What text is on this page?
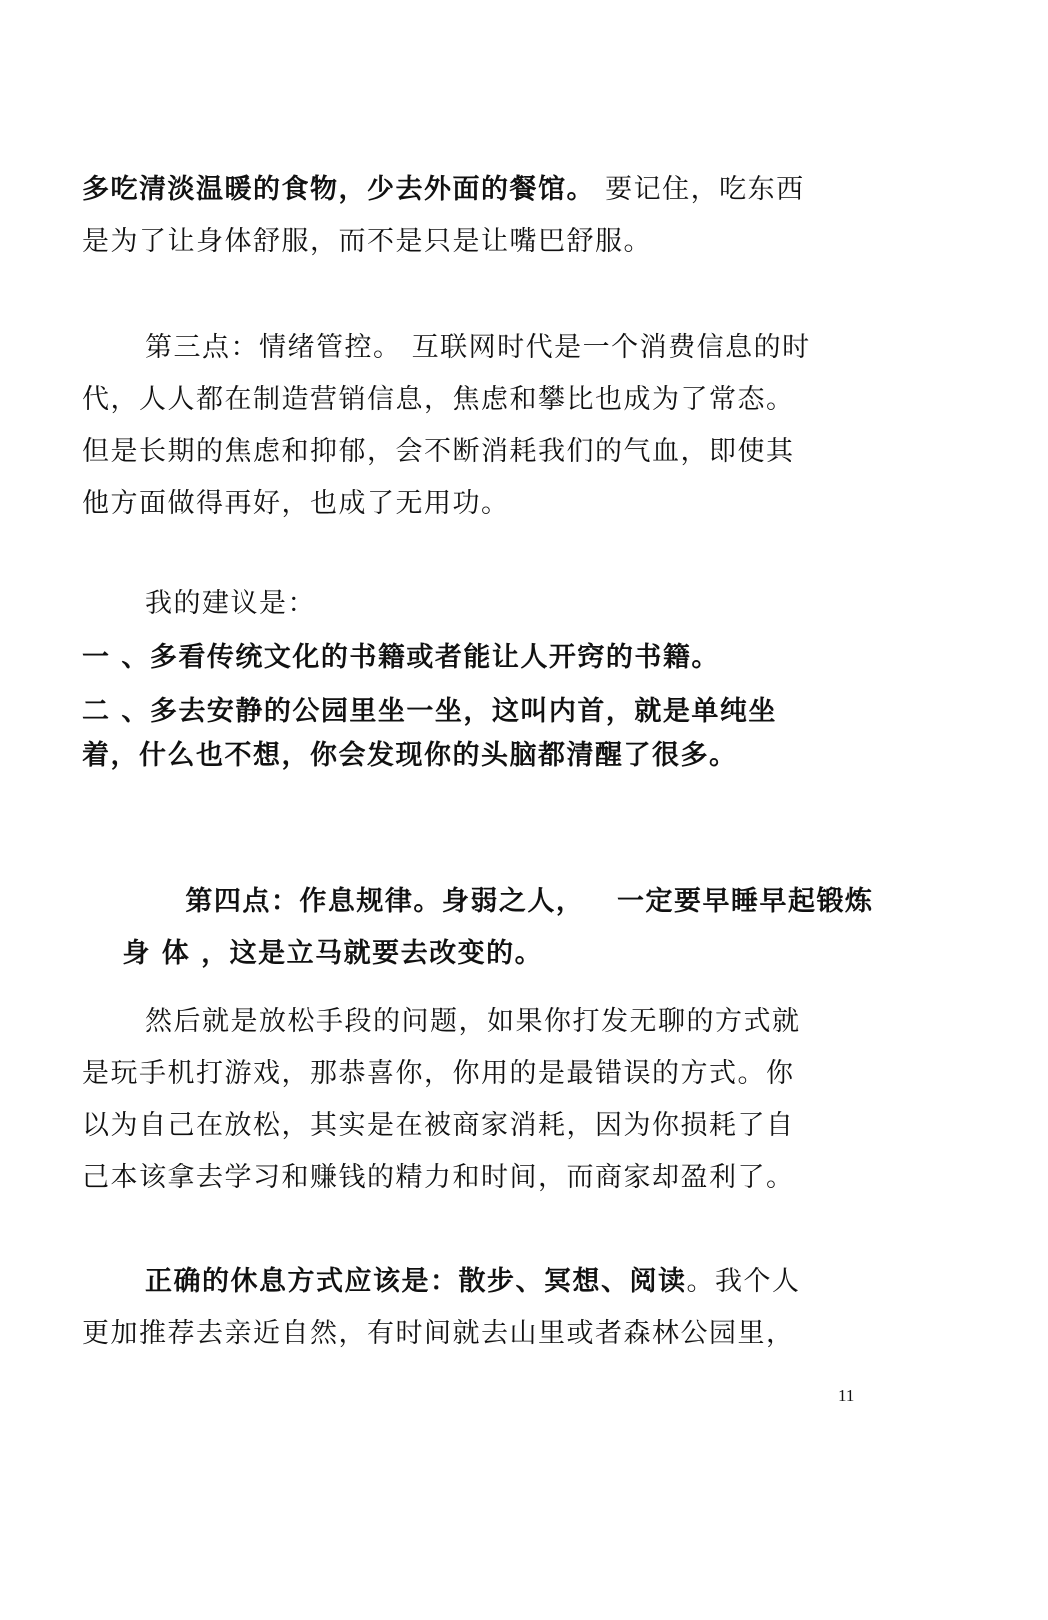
多吃清淡温暖的食物，少去外面的餐馆。 要记住，吃东西
是为了让身体舒服，而不是只是让嘴巴舒服。
第三点：情绪管控。 互联网时代是一个消费信息的时
代，人人都在制造营销信息，焦虑和攀比也成为了常态。
但是长期的焦虑和抑郁，会不断消耗我们的气血，即使其
他方面做得再好，也成了无用功。
我的建议是：
一 、多看传统文化的书籍或者能让人开窍的书籍。
二 、多去安静的公园里坐一坐，这叫内首，就是单纯坐
着，什么也不想，你会发现你的头脑都清醒了很多。

第四点：作息规律。身弱之人，   一定要早睡早起锻炼

身 体 ，这是立马就要去改变的。

然后就是放松手段的问题，如果你打发无聊的方式就
是玩手机打游戏，那恭喜你，你用的是最错误的方式。你
以为自己在放松，其实是在被商家消耗，因为你损耗了自
己本该拿去学习和赚钱的精力和时间，而商家却盈利了。
正确的休息方式应该是：散步、冥想、阅读。我个人
更加推荐去亲近自然，有时间就去山里或者森林公园里，
11
